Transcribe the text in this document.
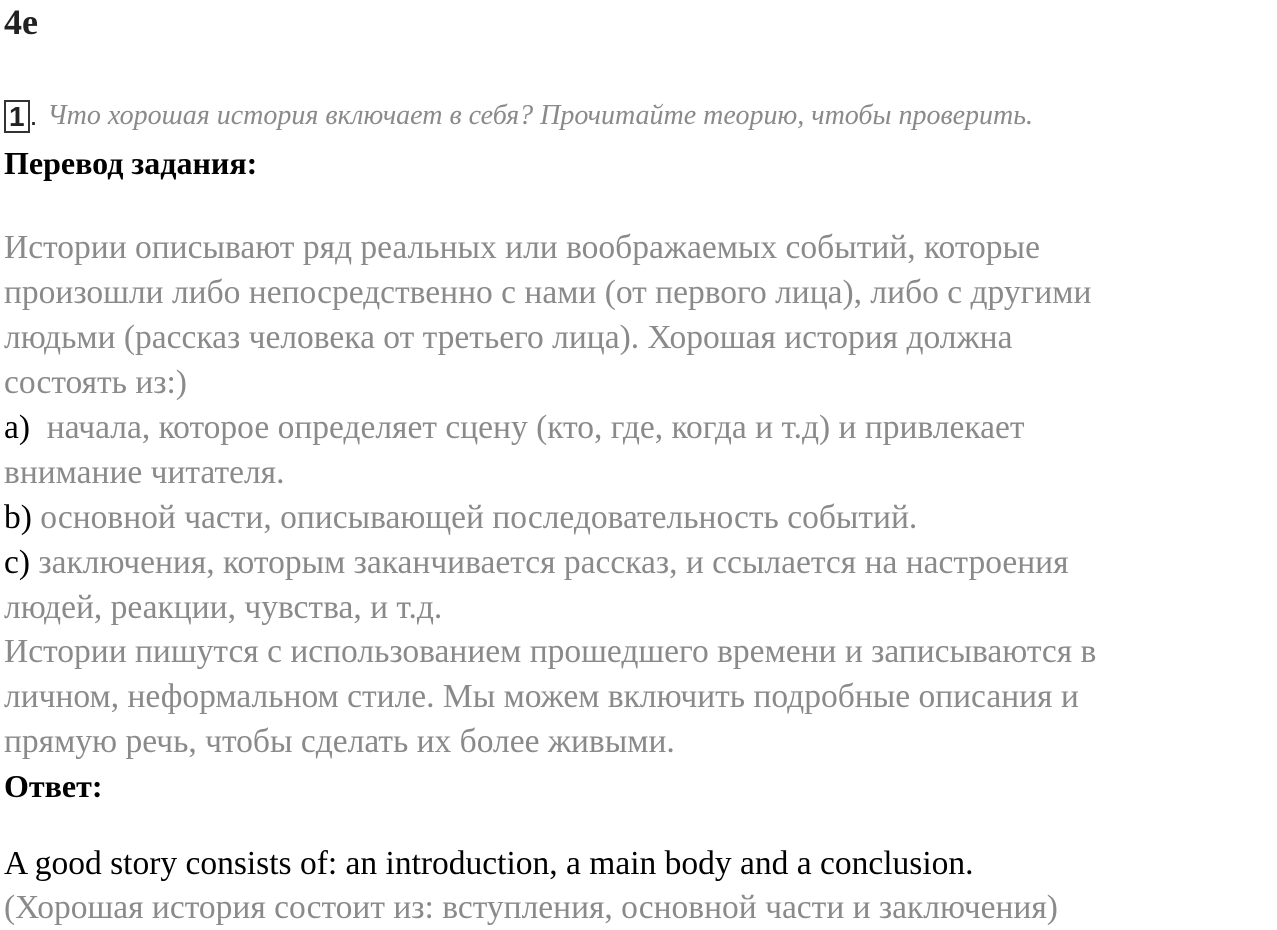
4e
1 . Что хорошая история включает в себя? Прочитайте теорию, чтобы проверить.
Перевод задания:
Истории описывают ряд реальных или воображаемых событий, которые
произошли либо непосредственно с нами (от первого лица), либо с другими
людьми (рассказ человека от третьего лица). Хорошая история должна
состоять из:)
а) начала, которое определяет сцену (кто, где, когда и т.д) и привлекает
внимание читателя.
b) основной части, описывающей последовательность событий.
c) заключения, которым заканчивается рассказ, и ссылается на настроения
людей, реакции, чувства, и т.д.
Истории пишутся с использованием прошедшего времени и записываются в
личном, неформальном стиле. Мы можем включить подробные описания и
прямую речь, чтобы сделать их более живыми.
Ответ:
A good story consists of: an introduction, a main body and a conclusion.
(Хорошая история состоит из: вступления, основной части и заключения)
